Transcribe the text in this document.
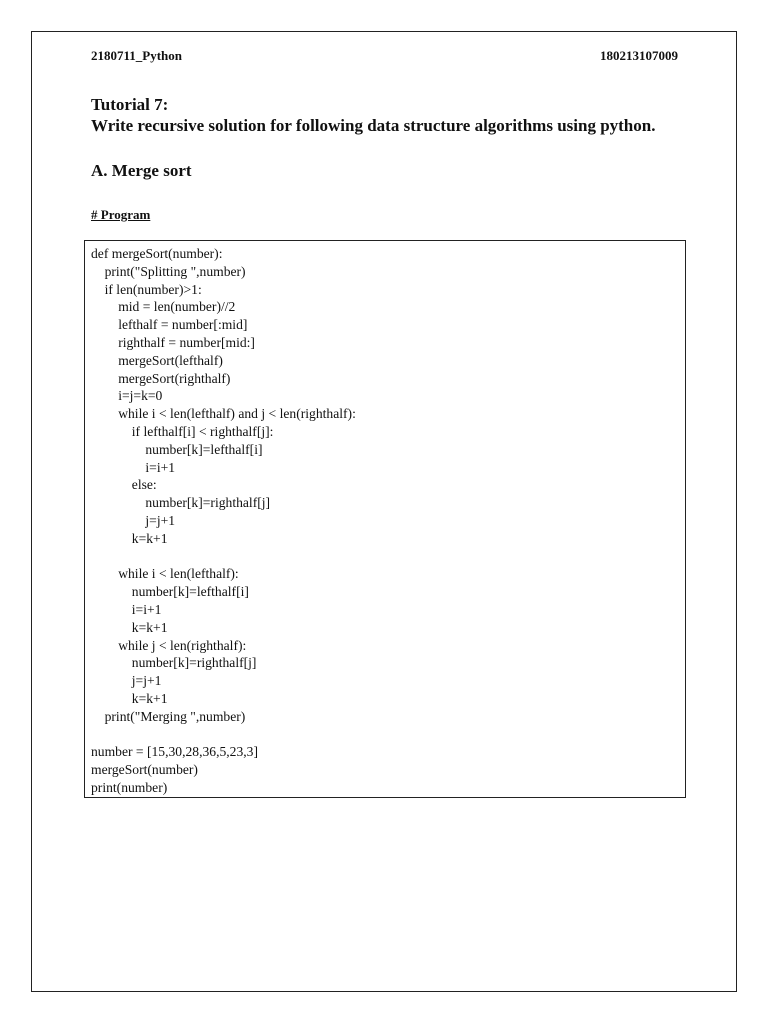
2180711_Python	180213107009
Tutorial 7:
Write recursive solution for following data structure algorithms using python.
A. Merge sort
# Program
def mergeSort(number):
print("Splitting ",number)
if len(number)>1:
mid = len(number)//2
lefthalf = number[:mid]
righthalf = number[mid:]
mergeSort(lefthalf)
mergeSort(righthalf)
i=j=k=0
while i < len(lefthalf) and j < len(righthalf):
if lefthalf[i] < righthalf[j]:
number[k]=lefthalf[i]
i=i+1
else:
number[k]=righthalf[j]
j=j+1
k=k+1
while i < len(lefthalf):
number[k]=lefthalf[i]
i=i+1
k=k+1
while j < len(righthalf):
number[k]=righthalf[j]
j=j+1
k=k+1
print("Merging ",number)
number = [15,30,28,36,5,23,3]
mergeSort(number)
print(number)
